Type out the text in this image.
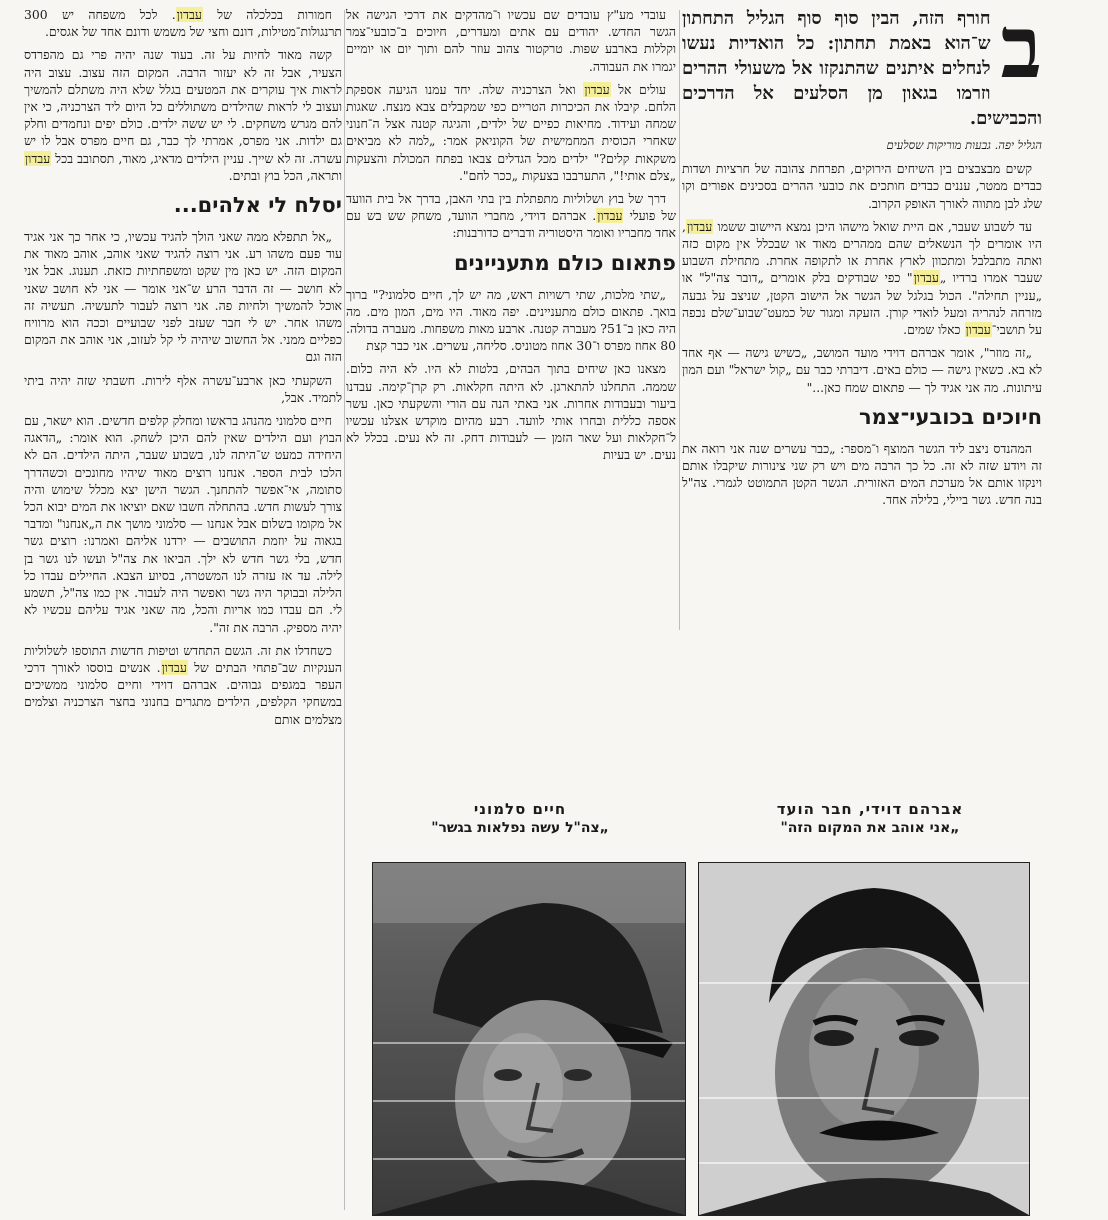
ב
חורף הזה, הבין סוף סוף הגליל התחתון ש־הוא באמת תחתון: כל הואדיות נעשו לנחלים איתנים שהתנקזו אל משעולי ההרים וזרמו בגאון מן הסלעים אל הדרכים והכבישים.

הגליל יפה. גבעות מוריקות שסלעים

קשים מבצבצים בין השיחים הירוקים, תפרחת צהובה של חרציות ושדות כבדים ממטר, עננים כבדים חותכים את כובעי ההרים בסכינים אפורים וקו שלג לבן מתווה לאורך האופק הקרוב.

עד לשבוע שעבר, אם היית שואל מישהו היכן נמצא היישוב ששמו עבדון, היו אומרים לך הנשאלים שהם ממהרים מאוד או שבכלל אין מקום כזה ואתה מתבלבל ומתכוון לארץ אחרת או לתקופה אחרת. מתחילת השבוע שעבר אמרו ברדיו „עבדון" כפי שבודקים בלק אומרים „דובר צה"ל" או „עניין תחילה". הכול בגלגל של הגשר אל הישוב הקטן, שניצב על גבעה מזרחה לנהריה ומעל לואדי קורן. הזעקה ומגור של כמעט־שבוע־שלם נכפה על תושבי־עבדון כאלו שמים.

„זה מוזר", אומר אברהם דוידי מועד המושב, „כשיש גישה — אף אחד לא בא. כשאין גישה — כולם באים. דיברתי כבר עם „קול ישראל" ועם המון עיתונות. מה אני אגיד לך — פתאום שמח כאן..."

חיוכים בכובעי־צמר

המהנדס ניצב ליד הגשר המוצף ו־מספר: „כבר עשרים שנה אני רואה את זה ויודע שזה לא זה. כל כך הרבה מים ויש רק שני צינורות שיקבלו אותם וינקזו אותם אל מערכת המים האזורית. הגשר הקטן התמוטט לגמרי. צה"ל בנה חדש. גשר ביילי, בלילה אחד.

עובדי מע"ץ עובדים שם עכשיו ו־מהדקים את דרכי הגישה אל הגשר החדש. יהודים עם אתים ומעדרים, חיוכים ב־כובעי־צמר וקללות בארבע שפות. טרקטור צהוב עוזר להם ותוך יום או יומיים יגמרו את העבודה.

עולים אל עבדון ואל הצרכניה שלה. יחד עמנו הגיעה אספקת הלחם. קיבלו את הכיכרות הטריים כפי שמקבלים צבא מנצח. שאגות שמחה ועידוד. מחיאות כפיים של ילדים, והגיגה קטנה אצל ה־חנוני שאחרי הכוסית המחמישית של הקוניאק אמר: „למה לא מביאים משקאות קלים?" ילדים מכל הגדלים צבאו בפתח המכולת והצעקות „צלם אותי!", התערבבו בצעקות „ככר לחם".

דרך של בוץ ושלוליות מתפתלת בין בתי האבן, בדרך אל בית הוועד של פועלי עבדון. אברהם דוידי, מחברי הוועד, משחק שש בש עם אחד מחבריו ואומר היסטוריה ודברים כדורבנות:

פתאום כולם מתעניינים

„שתי מלכות, שתי רשויות ראש, מה יש לך, חיים סלמוני?" ברוך בואך. פתאום כולם מתעניינים. יפה מאוד. היו מים, המון מים. מה היה כאן ב־51? מעברה קטנה. ארבע מאות משפחות. מעברה בדולה. 80 אחוז מפרס ו־30 אחוז מטוניס. סליחה, עשרים. אני כבר קצת

מצאנו כאן שיחים בתוך הבהים, בלטות לא היו. לא היה כלום. שממה. התחלנו להתארגן. לא היתה חקלאות. רק קרן־קימה. עבדנו ביעור ובעבודות אחרות. אני באתי הנה עם הורי והשקעתי כאן. עשר אספה כללית ובחרו אותי לוועד. רבע מהיום מוקדש אצלנו עכשיו ל־חקלאות ועל שאר הזמן — לעבודות דחק. זה לא נעים. בכלל לא נעים. יש בעיות

חמורות בכלכלה של עבדון. לכל משפחה יש 300 תרנגולות־מטילות, דונם וחצי של משמש ודונם אחד של אגסים.

קשה מאוד לחיות על זה. בעוד שנה יהיה פרי גם מהפרדס הצעיר, אבל זה לא יעזור הרבה. המקום הזה עצוב. עצוב היה לראות איך עוקרים את המטעים בגלל שלא היה משתלם להמשיך ועצוב לי לראות שהילדים משתוללים כל היום ליד הצרכניה, כי אין להם מגרש משחקים. לי יש ששה ילדים. כולם יפים ונחמדים וחלק גם ילדות. אני מפרס, אמרתי לך כבר, גם חיים מפרס אבל לו יש עשרה. זה לא שייך. עניין הילדים מדאיג, מאוד, תסתובב בכל עבדון ותראה, הכל בוץ ובתים.

יסלח לי אלהים...

„אל תתפלא ממה שאני הולך להגיד עכשיו, כי אחר כך אני אגיד עוד פעם משהו רע. אני רוצה להגיד שאני אוהב, אוהב מאוד את המקום הזה. יש כאן מין שקט ומשפחתיות כזאת. תענוג. אבל אני לא חושב — זה הדבר הרע ש־אני אומר — אני לא חושב שאני אוכל להמשיך ולחיות פה. אני רוצה לעבור לתעשיה. תעשיה זה משהו אחר. יש לי חבר שעזב לפני שבועיים וככה הוא מרוויח כפליים ממני. אל החשוב שיהיה לי קל לעזוב, אני אוהב את המקום הזה וגם

השקעתי כאן ארבע־עשרה אלף לירות. חשבתי שזה יהיה ביתי לתמיד. אבל,

חיים סלמוני מהנהג בראשו ומחלק קלפים חדשים. הוא ישאר, עם הבוץ ועם הילדים שאין להם היכן לשחק. הוא אומר: „הדאגה היחידה כמעט ש־היתה לנו, בשבוע שעבר, היתה הילדים. הם לא הלכו לבית הספר. אנחנו רוצים מאוד שיהיו מחונכים וכשהדרך סתומה, אי־אפשר להתחנך. הגשר הישן יצא מכלל שימוש והיה צורך לעשות חדש. בהתחלה חשבו שאם יוציאו את המים יבוא הכל אל מקומו בשלום אבל אנחנו — סלמוני מושך את ה„אנחנו" ומדבר בגאוה על יוזמת התושבים — ירדנו אליהם ואמרנו: רוצים גשר חדש, בלי גשר חדש לא ילך. הביאו את צה"ל ועשו לנו גשר בן לילה. עד אז עזרה לנו המשטרה, בסיוע הצבא. החיילים עבדו כל הלילה ובבוקר היה גשר ואפשר היה לעבור. אין כמו צה"ל, תשמע לי. הם עבדו כמו אריות והכל, מה שאני אגיד עליהם עכשיו לא יהיה מספיק. הרבה את זה".

כשחדלו את זה. הגשם התחדש וטיפות חדשות התוספו לשלוליות הענקיות שב־פתחי הבתים של עבדון. אנשים בוססו לאורך דרכי העפר במגפים גבוהים. אברהם דוידי וחיים סלמוני ממשיכים במשחקי הקלפים, הילדים מתגרים בחנוני בחצר הצרכניה וצלמים מצלמים אותם

אברהם דוידי, חבר הועד
„אני אוהב את המקום הזה"
חיים סלמוני
„צה"ל עשה נפלאות בגשר"
